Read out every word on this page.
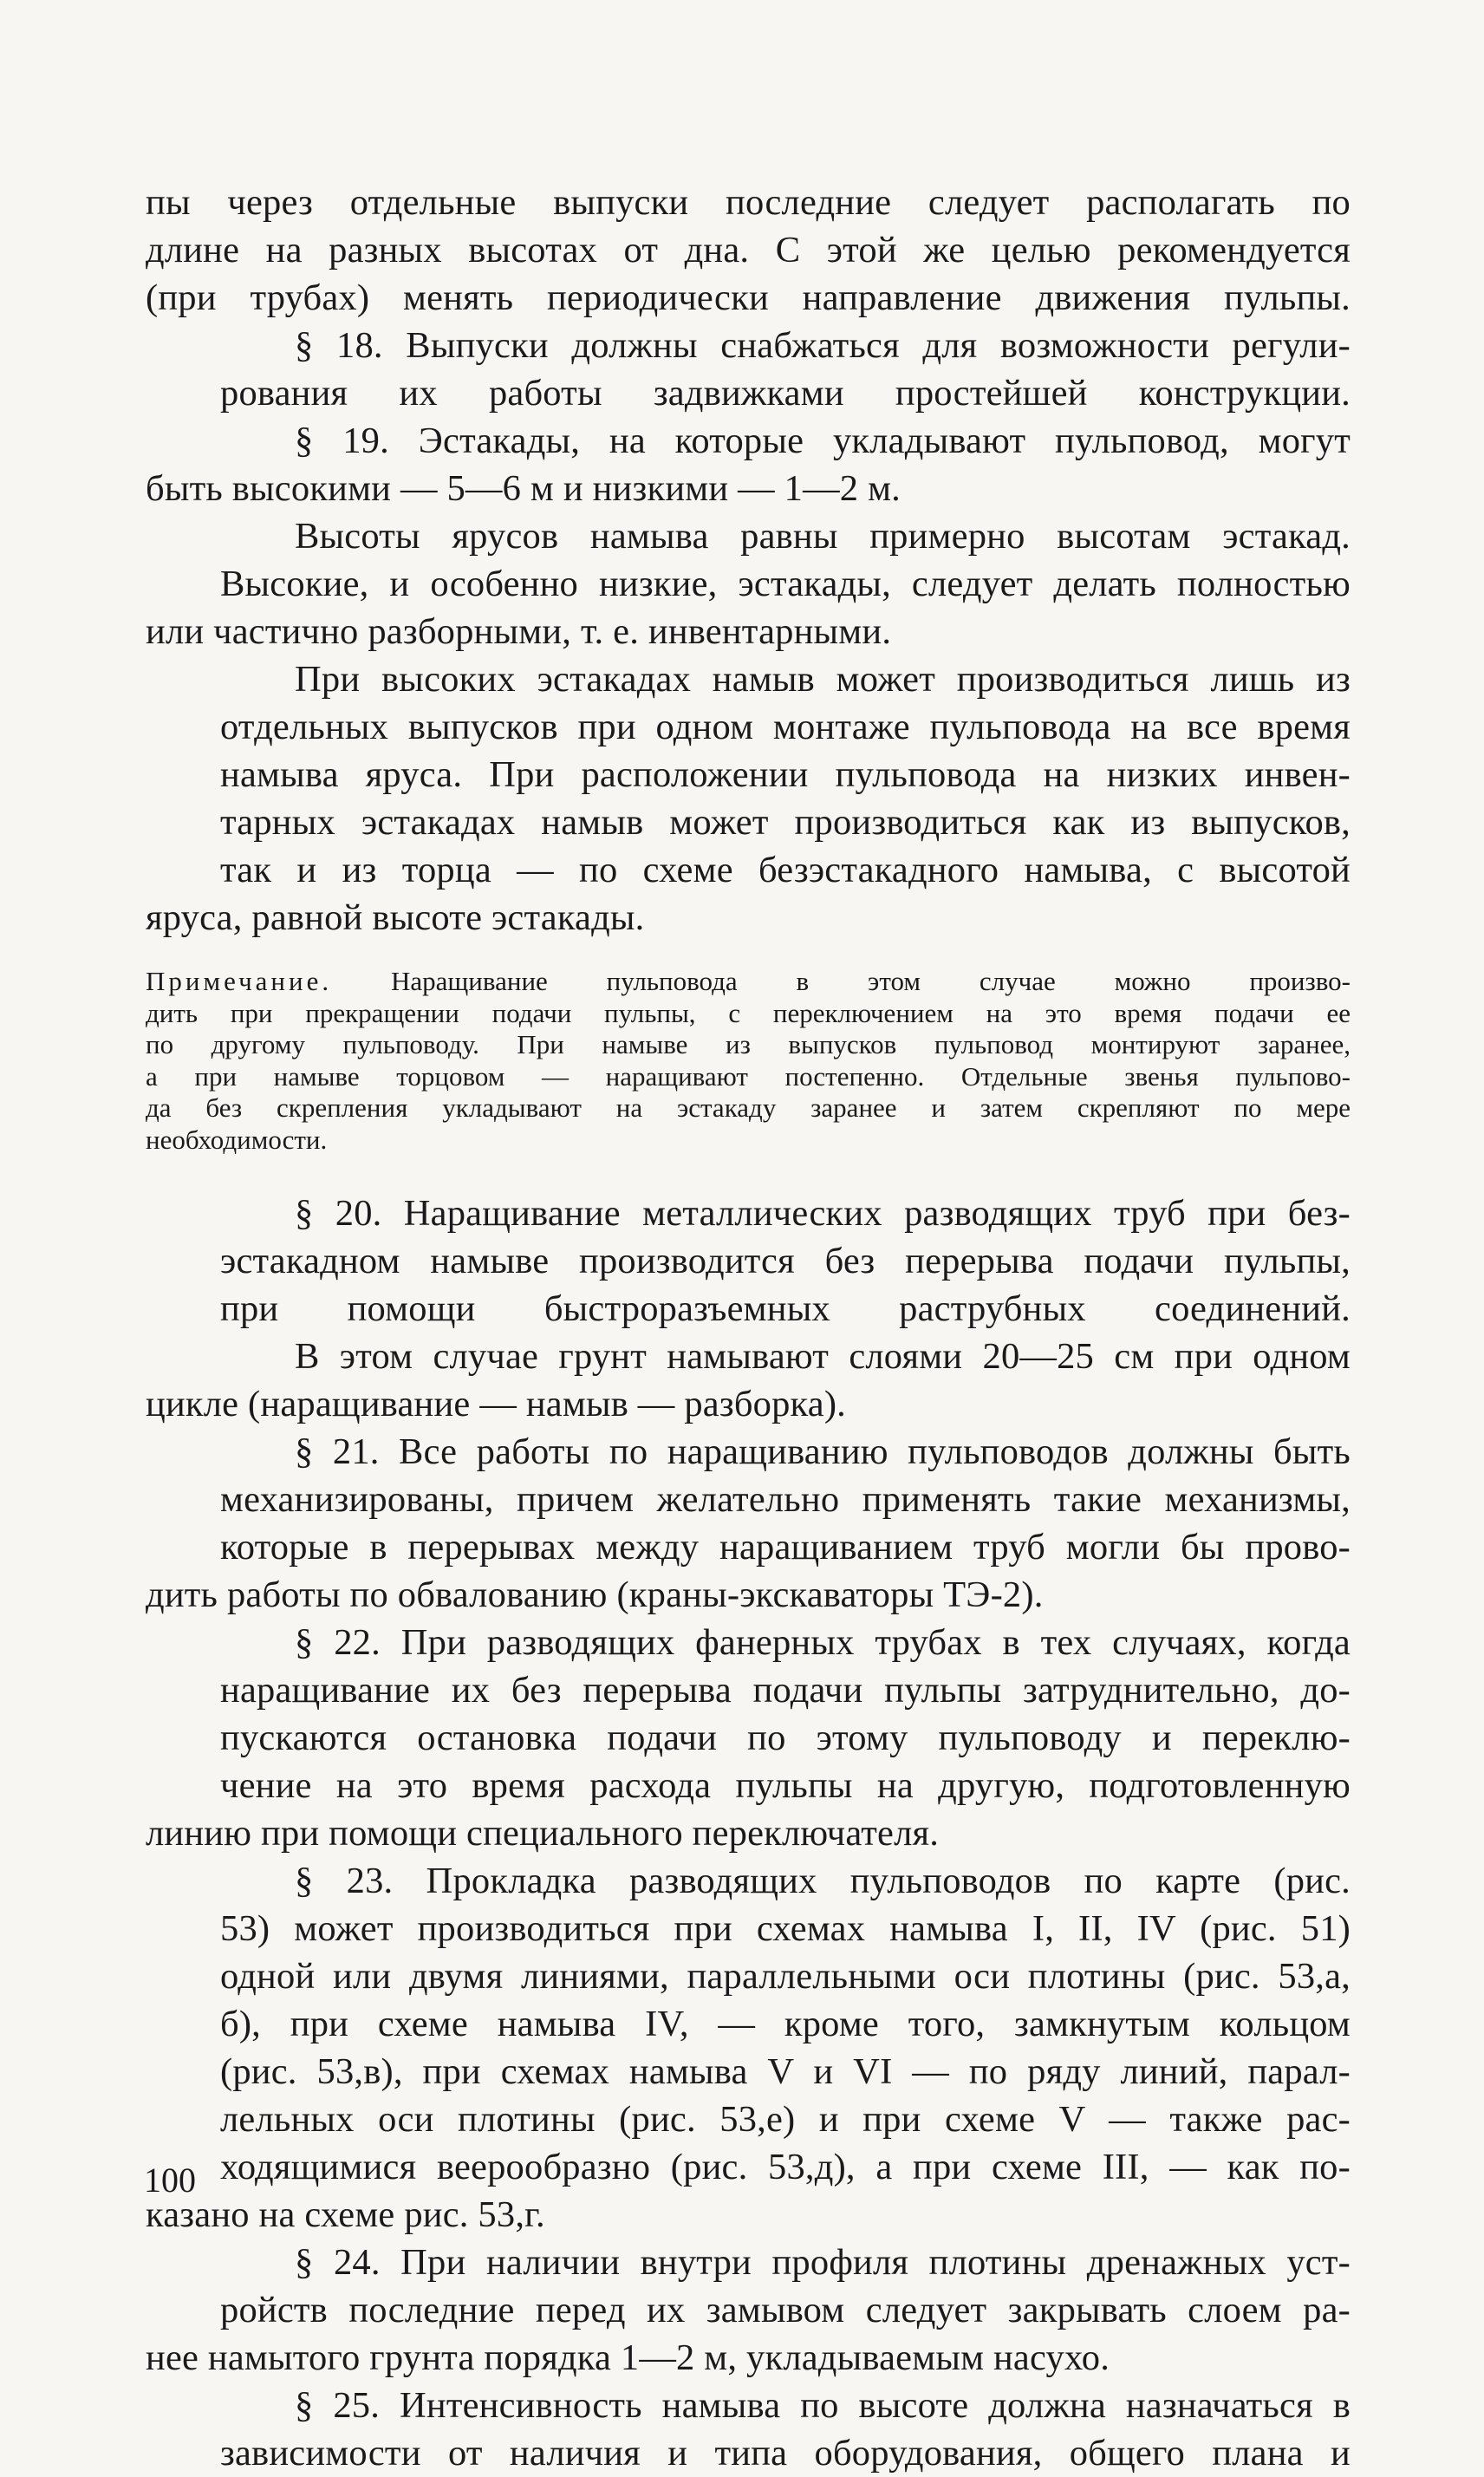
пы через отдельные выпуски последние следует располагать по
длине на разных высотах от дна. С этой же целью рекомендуется
(при трубах) менять периодически направление движения пульпы.

§ 18. Выпуски должны снабжаться для возможности регули-
рования их работы задвижками простейшей конструкции.

§ 19. Эстакады, на которые укладывают пульповод, могут
быть высокими — 5—6 м и низкими — 1—2 м.

Высоты ярусов намыва равны примерно высотам эстакад.
Высокие, и особенно низкие, эстакады, следует делать полностью
или частично разборными, т. е. инвентарными.

При высоких эстакадах намыв может производиться лишь из
отдельных выпусков при одном монтаже пульповода на все время
намыва яруса. При расположении пульповода на низких инвен-
тарных эстакадах намыв может производиться как из выпусков,
так и из торца — по схеме безэстакадного намыва, с высотой
яруса, равной высоте эстакады.

Примечание. Наращивание пульповода в этом случае можно произво-

дить при прекращении подачи пульпы, с переключением на это время подачи ее

по другому пульповоду. При намыве из выпусков пульповод монтируют заранее,

а при намыве торцовом — наращивают постепенно. Отдельные звенья пульпово-

да без скрепления укладывают на эстакаду заранее и затем скрепляют по мере

необходимости.

§ 20. Наращивание металлических разводящих труб при без-
эстакадном намыве производится без перерыва подачи пульпы,
при помощи быстроразъемных раструбных соединений.

В этом случае грунт намывают слоями 20—25 см при одном
цикле (наращивание — намыв — разборка).

§ 21. Все работы по наращиванию пульповодов должны быть
механизированы, причем желательно применять такие механизмы,
которые в перерывах между наращиванием труб могли бы прово-
дить работы по обвалованию (краны-экскаваторы ТЭ-2).

§ 22. При разводящих фанерных трубах в тех случаях, когда
наращивание их без перерыва подачи пульпы затруднительно, до-
пускаются остановка подачи по этому пульповоду и переклю-
чение на это время расхода пульпы на другую, подготовленную
линию при помощи специального переключателя.

§ 23. Прокладка разводящих пульповодов по карте (рис.
53) может производиться при схемах намыва I, II, IV (рис. 51)
одной или двумя линиями, параллельными оси плотины (рис. 53,а,
б), при схеме намыва IV, — кроме того, замкнутым кольцом
(рис. 53,в), при схемах намыва V и VI — по ряду линий, парал-
лельных оси плотины (рис. 53,е) и при схеме V — также рас-
ходящимися веерообразно (рис. 53,д), а при схеме III, — как по-
казано на схеме рис. 53,г.

§ 24. При наличии внутри профиля плотины дренажных уст-
ройств последние перед их замывом следует закрывать слоем ра-
нее намытого грунта порядка 1—2 м, укладываемым насухо.

§ 25. Интенсивность намыва по высоте должна назначаться в
зависимости от наличия и типа оборудования, общего плана и

100
